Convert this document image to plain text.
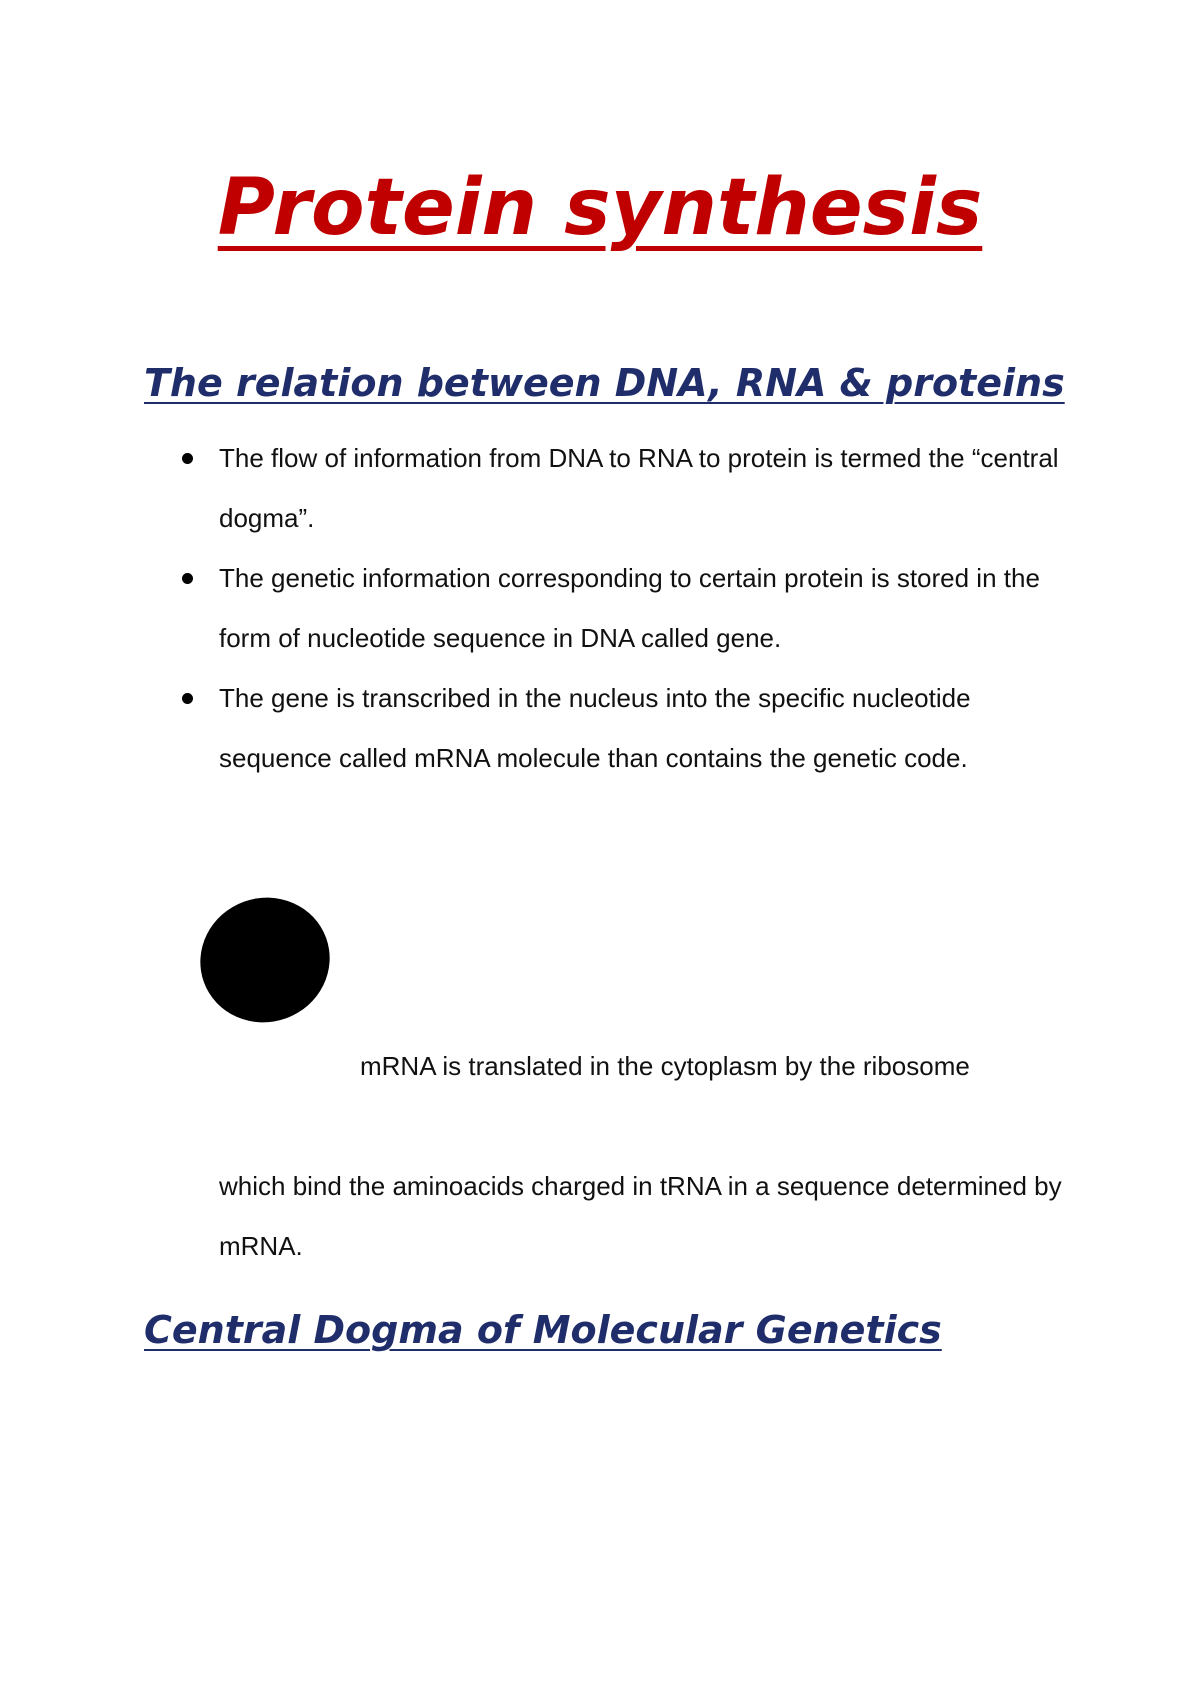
Protein synthesis
The relation between DNA, RNA & proteins
The flow of information from DNA to RNA to protein is termed the “central dogma”.
The genetic information corresponding to certain protein is stored in the form of nucleotide sequence in DNA called gene.
The gene is transcribed in the nucleus into the specific nucleotide sequence called mRNA molecule than contains the genetic code.

mRNA is translated in the cytoplasm by the ribosome

which bind the aminoacids charged in tRNA in a sequence determined by mRNA.

Central Dogma of Molecular Genetics
